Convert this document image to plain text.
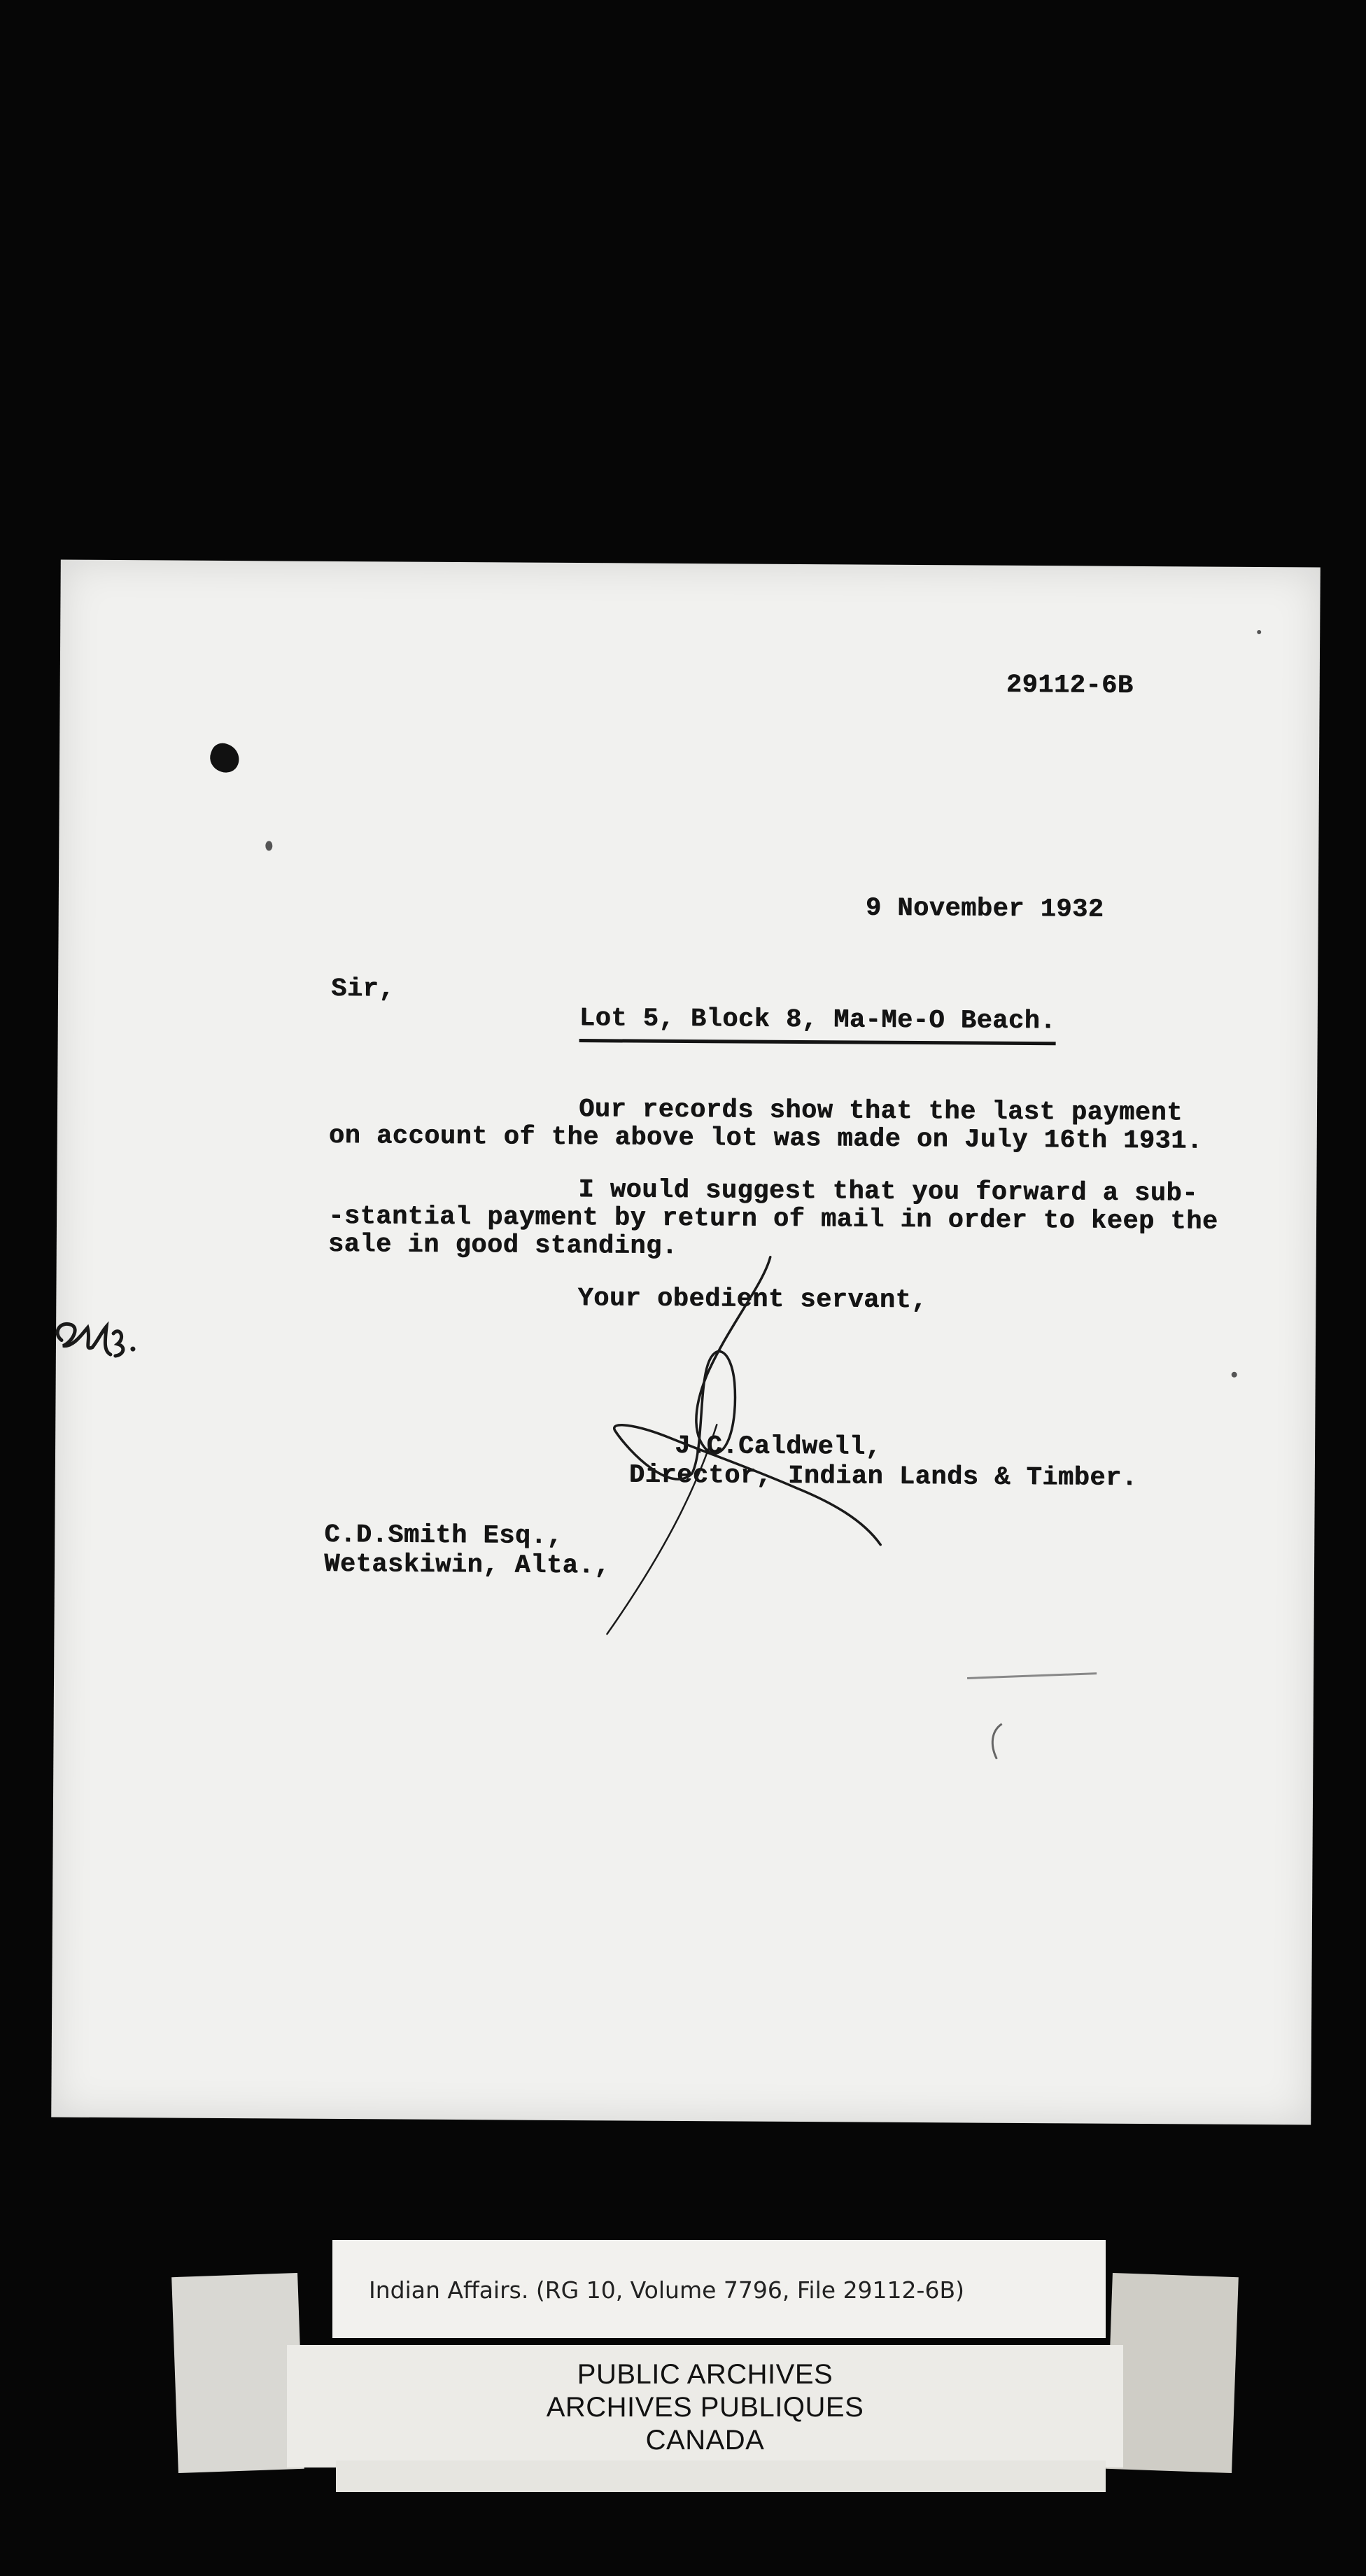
29112-6B
9 November 1932
Sir,
Lot 5, Block 8, Ma-Me-O Beach.
Our records show that the last payment
on account of the above lot was made on July 16th 1931.
I would suggest that you forward a sub-
-stantial payment by return of mail in order to keep the
sale in good standing.
Your obedient servant,
J.C.Caldwell,
Director, Indian Lands & Timber.
C.D.Smith Esq.,
Wetaskiwin, Alta.,
Indian Affairs. (RG 10, Volume 7796, File 29112-6B)
PUBLIC ARCHIVES
ARCHIVES PUBLIQUES
CANADA
